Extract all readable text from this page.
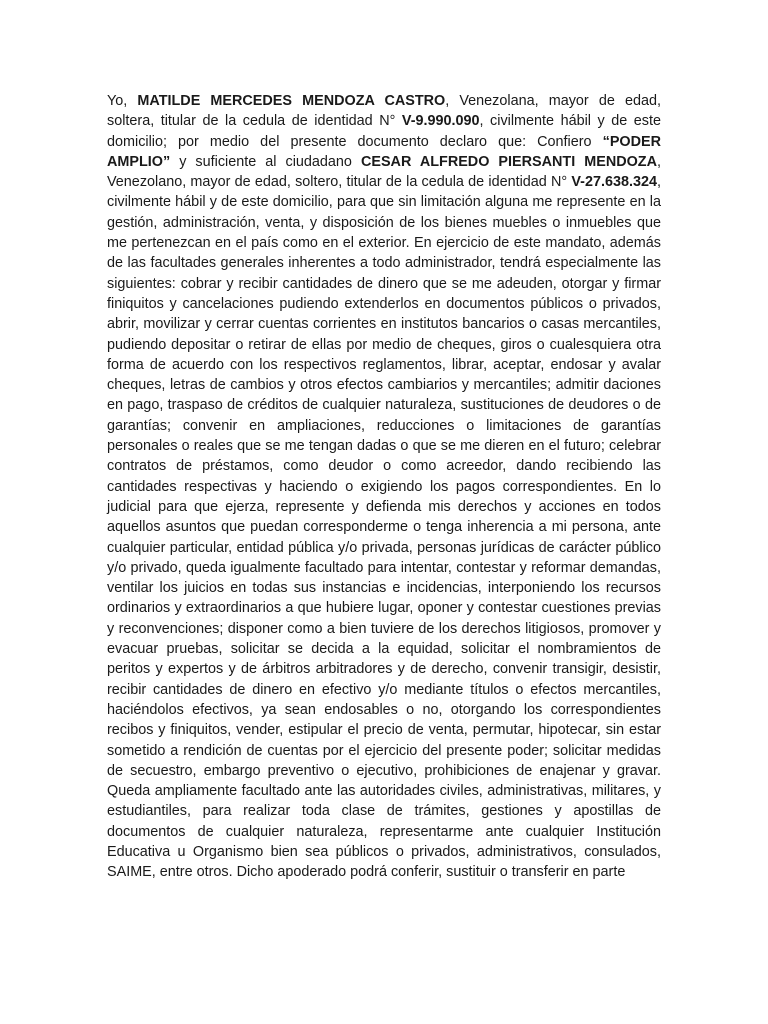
Yo, MATILDE MERCEDES MENDOZA CASTRO, Venezolana, mayor de edad, soltera, titular de la cedula de identidad N° V-9.990.090, civilmente hábil y de este domicilio; por medio del presente documento declaro que: Confiero “PODER AMPLIO” y suficiente al ciudadano CESAR ALFREDO PIERSANTI MENDOZA, Venezolano, mayor de edad, soltero, titular de la cedula de identidad N° V-27.638.324, civilmente hábil y de este domicilio, para que sin limitación alguna me represente en la gestión, administración, venta, y disposición de los bienes muebles o inmuebles que me pertenezcan en el país como en el exterior. En ejercicio de este mandato, además de las facultades generales inherentes a todo administrador, tendrá especialmente las siguientes: cobrar y recibir cantidades de dinero que se me adeuden, otorgar y firmar finiquitos y cancelaciones pudiendo extenderlos en documentos públicos o privados, abrir, movilizar y cerrar cuentas corrientes en institutos bancarios o casas mercantiles, pudiendo depositar o retirar de ellas por medio de cheques, giros o cualesquiera otra forma de acuerdo con los respectivos reglamentos, librar, aceptar, endosar y avalar cheques, letras de cambios y otros efectos cambiarios y mercantiles; admitir daciones en pago, traspaso de créditos de cualquier naturaleza, sustituciones de deudores o de garantías; convenir en ampliaciones, reducciones o limitaciones de garantías personales o reales que se me tengan dadas o que se me dieren en el futuro; celebrar contratos de préstamos, como deudor o como acreedor, dando recibiendo las cantidades respectivas y haciendo o exigiendo los pagos correspondientes. En lo judicial para que ejerza, represente y defienda mis derechos y acciones en todos aquellos asuntos que puedan corresponderme o tenga inherencia a mi persona, ante cualquier particular, entidad pública y/o privada, personas jurídicas de carácter público y/o privado, queda igualmente facultado para intentar, contestar y reformar demandas, ventilar los juicios en todas sus instancias e incidencias, interponiendo los recursos ordinarios y extraordinarios a que hubiere lugar, oponer y contestar cuestiones previas y reconvenciones; disponer como a bien tuviere de los derechos litigiosos, promover y evacuar pruebas, solicitar se decida a la equidad, solicitar el nombramientos de peritos y expertos y de árbitros arbitradores y de derecho, convenir transigir, desistir, recibir cantidades de dinero en efectivo y/o mediante títulos o efectos mercantiles, haciéndolos efectivos, ya sean endosables o no, otorgando los correspondientes recibos y finiquitos, vender, estipular el precio de venta, permutar, hipotecar, sin estar sometido a rendición de cuentas por el ejercicio del presente poder; solicitar medidas de secuestro, embargo preventivo o ejecutivo, prohibiciones de enajenar y gravar. Queda ampliamente facultado ante las autoridades civiles, administrativas, militares, y estudiantiles, para realizar toda clase de trámites, gestiones y apostillas de documentos de cualquier naturaleza, representarme ante cualquier Institución Educativa u Organismo bien sea públicos o privados, administrativos, consulados, SAIME, entre otros. Dicho apoderado podrá conferir, sustituir o transferir en parte
